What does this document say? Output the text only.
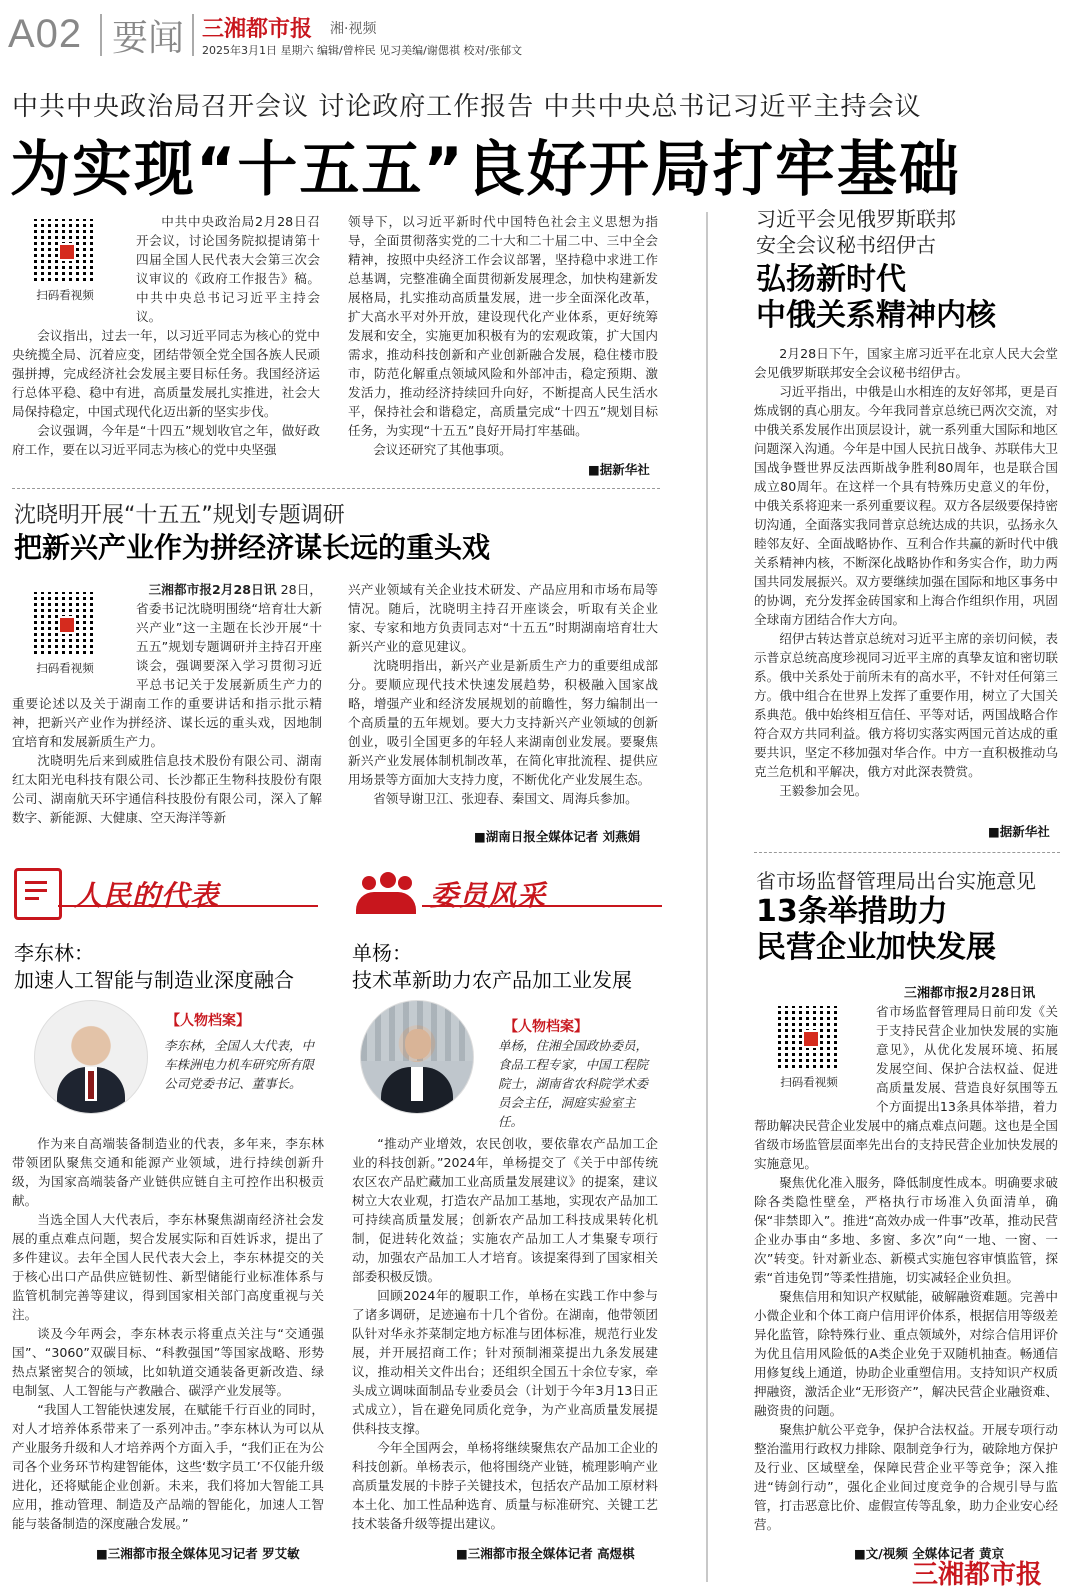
A02 要闻 三湘都市报 湘·视频
2025年3月1日 星期六 编辑/曾梓民 见习美编/谢偲祺 校对/张郁文
中共中央政治局召开会议 讨论政府工作报告 中共中央总书记习近平主持会议
为实现“十五五”良好开局打牢基础
扫码看视频

中共中央政治局2月28日召开会议，讨论国务院拟提请第十四届全国人民代表大会第三次会议审议的《政府工作报告》稿。中共中央总书记习近平主持会议。

会议指出，过去一年，以习近平同志为核心的党中央统揽全局、沉着应变，团结带领全党全国各族人民顽强拼搏，完成经济社会发展主要目标任务。我国经济运行总体平稳、稳中有进，高质量发展扎实推进，社会大局保持稳定，中国式现代化迈出新的坚实步伐。

会议强调，今年是“十四五”规划收官之年，做好政府工作，要在以习近平同志为核心的党中央坚强

领导下，以习近平新时代中国特色社会主义思想为指导，全面贯彻落实党的二十大和二十届二中、三中全会精神，按照中央经济工作会议部署，坚持稳中求进工作总基调，完整准确全面贯彻新发展理念，加快构建新发展格局，扎实推动高质量发展，进一步全面深化改革，扩大高水平对外开放，建设现代化产业体系，更好统筹发展和安全，实施更加积极有为的宏观政策，扩大国内需求，推动科技创新和产业创新融合发展，稳住楼市股市，防范化解重点领域风险和外部冲击，稳定预期、激发活力，推动经济持续回升向好，不断提高人民生活水平，保持社会和谐稳定，高质量完成“十四五”规划目标任务，为实现“十五五”良好开局打牢基础。

会议还研究了其他事项。

■据新华社
沈晓明开展“十五五”规划专题调研
把新兴产业作为拼经济谋长远的重头戏
扫码看视频

三湘都市报2月28日讯 28日，省委书记沈晓明围绕“培育壮大新兴产业”这一主题在长沙开展“十五五”规划专题调研并主持召开座谈会，强调要深入学习贯彻习近平总书记关于发展新质生产力的重要论述以及关于湖南工作的重要讲话和指示批示精神，把新兴产业作为拼经济、谋长远的重头戏，因地制宜培育和发展新质生产力。

沈晓明先后来到威胜信息技术股份有限公司、湖南红太阳光电科技有限公司、长沙都正生物科技股份有限公司、湖南航天环宇通信科技股份有限公司，深入了解数字、新能源、大健康、空天海洋等新

兴产业领域有关企业技术研发、产品应用和市场布局等情况。随后，沈晓明主持召开座谈会，听取有关企业家、专家和地方负责同志对“十五五”时期湖南培育壮大新兴产业的意见建议。

沈晓明指出，新兴产业是新质生产力的重要组成部分。要顺应现代技术快速发展趋势，积极融入国家战略，增强产业和经济发展规划的前瞻性，努力编制出一个高质量的五年规划。要大力支持新兴产业领域的创新创业，吸引全国更多的年轻人来湖南创业发展。要聚焦新兴产业发展体制机制改革，在简化审批流程、提供应用场景等方面加大支持力度，不断优化产业发展生态。

省领导谢卫江、张迎春、秦国文、周海兵参加。

■湖南日报全媒体记者 刘燕娟
人民的代表
李东林：
加速人工智能与制造业深度融合
【人物档案】
李东林，全国人大代表，中车株洲电力机车研究所有限公司党委书记、董事长。

作为来自高端装备制造业的代表，多年来，李东林带领团队聚焦交通和能源产业领域，进行持续创新升级，为国家高端装备产业链供应链自主可控作出积极贡献。

当选全国人大代表后，李东林聚焦湖南经济社会发展的重点难点问题，契合发展实际和百姓诉求，提出了多件建议。去年全国人民代表大会上，李东林提交的关于核心出口产品供应链韧性、新型储能行业标准体系与监管机制完善等建议，得到国家相关部门高度重视与关注。

谈及今年两会，李东林表示将重点关注与“交通强国”、“3060”双碳目标、“科教强国”等国家战略、形势热点紧密契合的领域，比如轨道交通装备更新改造、绿电制氢、人工智能与产教融合、碳浮产业发展等。

“我国人工智能快速发展，在赋能千行百业的同时，对人才培养体系带来了一系列冲击。”李东林认为可以从产业服务升级和人才培养两个方面入手，“我们正在为公司各个业务环节构建智能体，这些‘数字员工’不仅能升级进化，还将赋能企业创新。未来，我们将加大智能工具应用，推动管理、制造及产品端的智能化，加速人工智能与装备制造的深度融合发展。”

■三湘都市报全媒体见习记者 罗艾敏
委员风采
单杨：
技术革新助力农产品加工业发展
【人物档案】
单杨，住湘全国政协委员，食品工程专家，中国工程院院士，湖南省农科院学术委员会主任，洞庭实验室主任。

“推动产业增效，农民创收，要依靠农产品加工企业的科技创新。”2024年，单杨提交了《关于中部传统农区农产品贮藏加工业高质量发展建议》的提案，建议树立大农业观，打造农产品加工基地，实现农产品加工可持续高质量发展；创新农产品加工科技成果转化机制，促进转化效益；实施农产品加工人才集聚专项行动，加强农产品加工人才培育。该提案得到了国家相关部委积极反馈。

回顾2024年的履职工作，单杨在实践工作中参与了诸多调研，足迹遍布十几个省份。在湖南，他带领团队针对华永芥菜制定地方标准与团体标准，规范行业发展，并开展招商工作；针对预制湘菜提出九条发展建议，推动相关文件出台；还组织全国五十余位专家，牵头成立调味面制品专业委员会（计划于今年3月13日正式成立），旨在避免同质化竞争，为产业高质量发展提供科技支撑。

今年全国两会，单杨将继续聚焦农产品加工企业的科技创新。单杨表示，他将围绕产业链，梳理影响产业高质量发展的卡脖子关键技术，包括农产品加工原材料本土化、加工性品种选育、质量与标准研究、关键工艺技术装备升级等提出建议。

■三湘都市报全媒体记者 高煜棋
习近平会见俄罗斯联邦
安全会议秘书绍伊古
弘扬新时代
中俄关系精神内核

2月28日下午，国家主席习近平在北京人民大会堂会见俄罗斯联邦安全会议秘书绍伊古。

习近平指出，中俄是山水相连的友好邻邦，更是百炼成钢的真心朋友。今年我同普京总统已两次交流，对中俄关系发展作出顶层设计，就一系列重大国际和地区问题深入沟通。今年是中国人民抗日战争、苏联伟大卫国战争暨世界反法西斯战争胜利80周年，也是联合国成立80周年。在这样一个具有特殊历史意义的年份，中俄关系将迎来一系列重要议程。双方各层级要保持密切沟通，全面落实我同普京总统达成的共识，弘扬永久睦邻友好、全面战略协作、互利合作共赢的新时代中俄关系精神内核，不断深化战略协作和务实合作，助力两国共同发展振兴。双方要继续加强在国际和地区事务中的协调，充分发挥金砖国家和上海合作组织作用，巩固全球南方团结合作大方向。

绍伊古转达普京总统对习近平主席的亲切问候，表示普京总统高度珍视同习近平主席的真挚友谊和密切联系。俄中关系处于前所未有的高水平，不针对任何第三方。俄中组合在世界上发挥了重要作用，树立了大国关系典范。俄中始终相互信任、平等对话，两国战略合作符合双方共同利益。俄方将切实落实两国元首达成的重要共识，坚定不移加强对华合作。中方一直积极推动乌克兰危机和平解决，俄方对此深表赞赏。

王毅参加会见。

■据新华社
省市场监督管理局出台实施意见
13条举措助力
民营企业加快发展
三湘都市报2月28日讯
扫码看视频

省市场监督管理局日前印发《关于支持民营企业加快发展的实施意见》，从优化发展环境、拓展发展空间、保护合法权益、促进高质量发展、营造良好氛围等五个方面提出13条具体举措，着力帮助解决民营企业发展中的痛点难点问题。这也是全国省级市场监管层面率先出台的支持民营企业加快发展的实施意见。

聚焦优化准入服务，降低制度性成本。明确要求破除各类隐性壁垒，严格执行市场准入负面清单，确保“非禁即入”。推进“高效办成一件事”改革，推动民营企业办事由“多地、多窗、多次”向“一地、一窗、一次”转变。针对新业态、新模式实施包容审慎监管，探索“首违免罚”等柔性措施，切实减轻企业负担。

聚焦信用和知识产权赋能，破解融资难题。完善中小微企业和个体工商户信用评价体系，根据信用等级差异化监管，除特殊行业、重点领域外，对综合信用评价为优且信用风险低的A类企业免于双随机抽查。畅通信用修复线上通道，协助企业重塑信用。支持知识产权质押融资，激活企业“无形资产”，解决民营企业融资难、融资贵的问题。

聚焦护航公平竞争，保护合法权益。开展专项行动整治滥用行政权力排除、限制竞争行为，破除地方保护及行业、区域壁垒，保障民营企业平等竞争；深入推进“铸剑行动”，强化企业间过度竞争的合规引导与监管，打击恶意比价、虚假宣传等乱象，助力企业安心经营。

■文/视频 全媒体记者 黄京
三湘都市报
